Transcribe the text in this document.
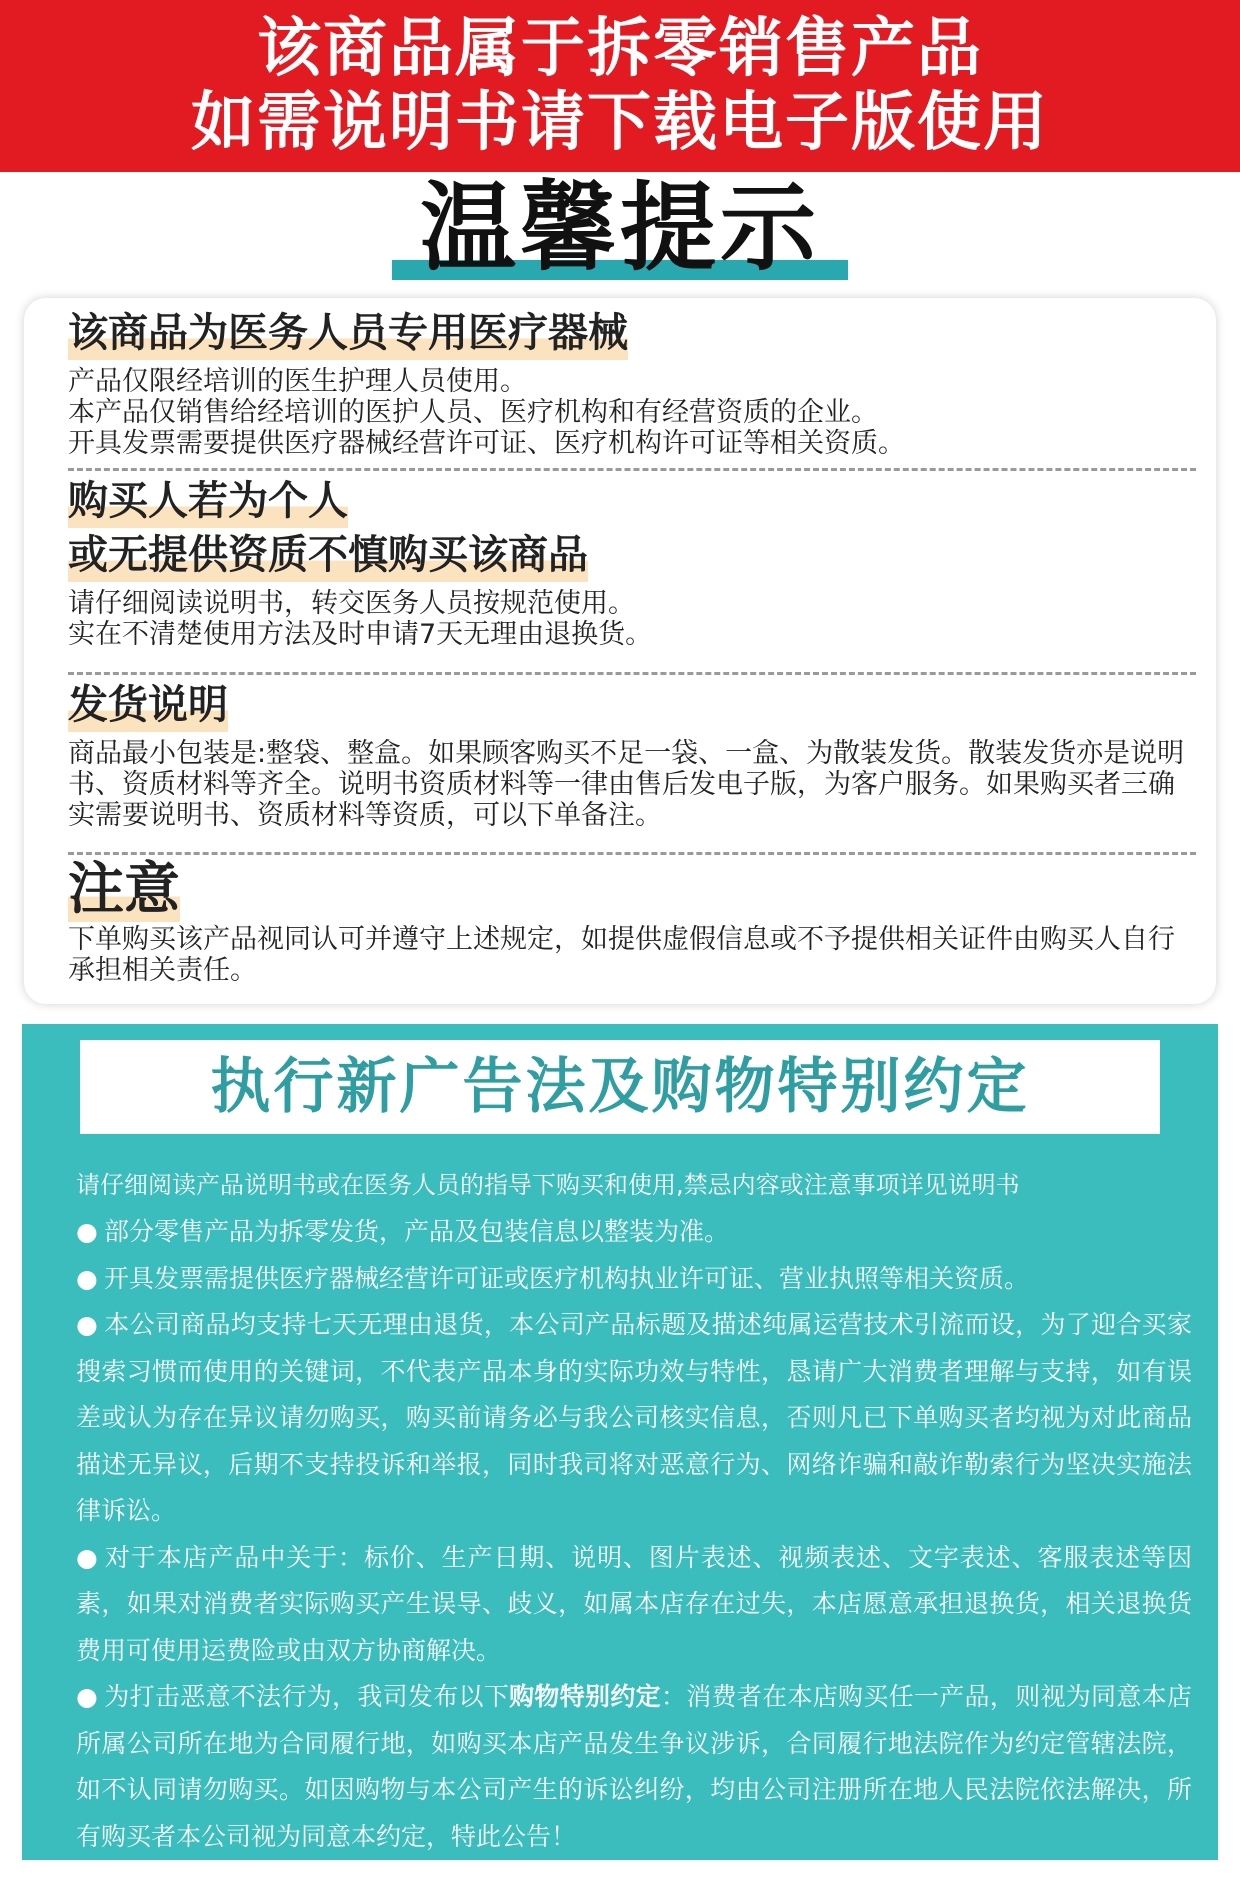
该商品属于拆零销售产品
如需说明书请下载电子版使用
温馨提示
该商品为医务人员专用医疗器械
产品仅限经培训的医生护理人员使用。
本产品仅销售给经培训的医护人员、医疗机构和有经营资质的企业。
开具发票需要提供医疗器械经营许可证、医疗机构许可证等相关资质。
购买人若为个人
或无提供资质不慎购买该商品
请仔细阅读说明书，转交医务人员按规范使用。
实在不清楚使用方法及时申请7天无理由退换货。
发货说明
商品最小包装是:整袋、整盒。如果顾客购买不足一袋、一盒、为散装发货。散装发货亦是说明书、资质材料等齐全。说明书资质材料等一律由售后发电子版，为客户服务。如果购买者三确实需要说明书、资质材料等资质，可以下单备注。
注意
下单购买该产品视同认可并遵守上述规定，如提供虚假信息或不予提供相关证件由购买人自行承担相关责任。
执行新广告法及购物特别约定
请仔细阅读产品说明书或在医务人员的指导下购买和使用,禁忌内容或注意事项详见说明书

● 部分零售产品为拆零发货，产品及包装信息以整装为准。

● 开具发票需提供医疗器械经营许可证或医疗机构执业许可证、营业执照等相关资质。

● 本公司商品均支持七天无理由退货，本公司产品标题及描述纯属运营技术引流而设，为了迎合买家搜索习惯而使用的关键词，不代表产品本身的实际功效与特性，恳请广大消费者理解与支持，如有误差或认为存在异议请勿购买，购买前请务必与我公司核实信息，否则凡已下单购买者均视为对此商品描述无异议，后期不支持投诉和举报，同时我司将对恶意行为、网络诈骗和敲诈勒索行为坚决实施法律诉讼。

● 对于本店产品中关于：标价、生产日期、说明、图片表述、视频表述、文字表述、客服表述等因素，如果对消费者实际购买产生误导、歧义，如属本店存在过失，本店愿意承担退换货，相关退换货费用可使用运费险或由双方协商解决。

● 为打击恶意不法行为，我司发布以下购物特别约定：消费者在本店购买任一产品，则视为同意本店所属公司所在地为合同履行地，如购买本店产品发生争议涉诉，合同履行地法院作为约定管辖法院，如不认同请勿购买。如因购物与本公司产生的诉讼纠纷，均由公司注册所在地人民法院依法解决，所有购买者本公司视为同意本约定，特此公告！
